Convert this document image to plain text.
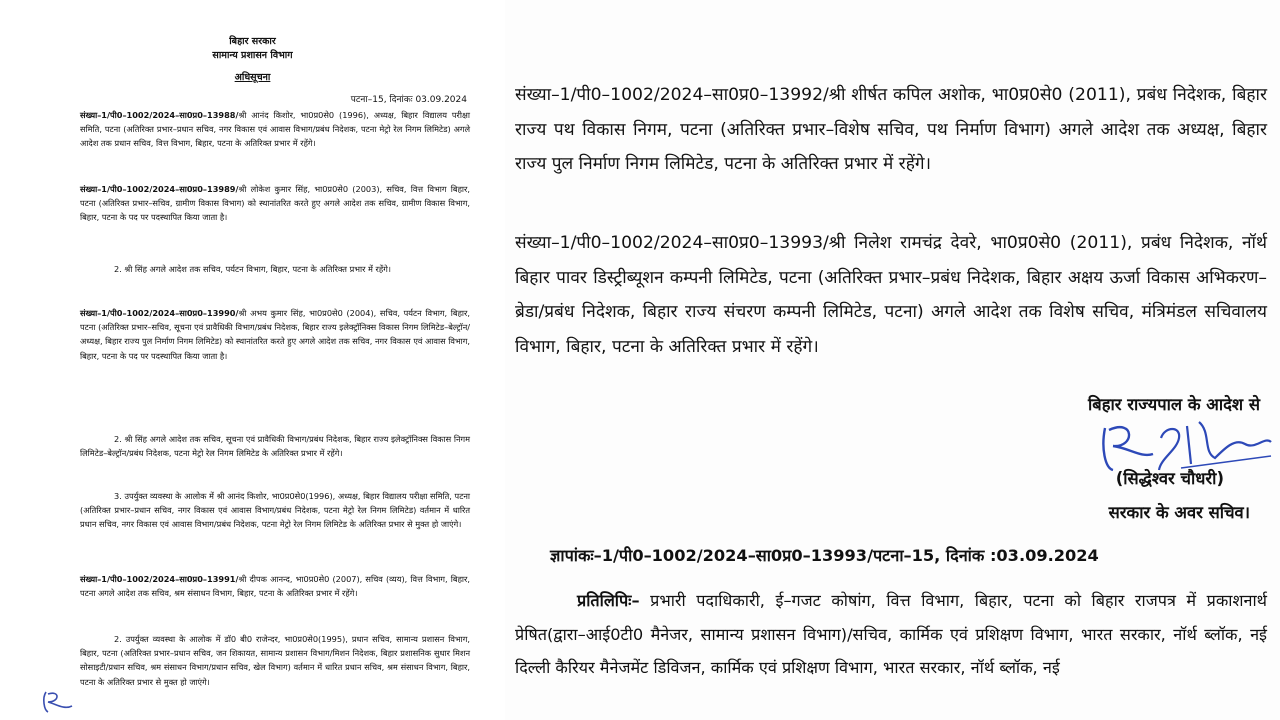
बिहार सरकार
सामान्य प्रशासन विभाग
अधिसूचना
पटना–15, दिनांकः 03.09.2024
संख्या–1/पी0–1002/2024–सा0प्र0–13988/श्री आनंद किशोर, भा0प्र0से0 (1996), अध्यक्ष, बिहार विद्यालय परीक्षा समिति, पटना (अतिरिक्त प्रभार–प्रधान सचिव, नगर विकास एवं आवास विभाग/प्रबंध निदेशक, पटना मेट्रो रेल निगम लिमिटेड) अगले आदेश तक प्रधान सचिव, वित्त विभाग, बिहार, पटना के अतिरिक्त प्रभार में रहेंगे।
संख्या–1/पी0–1002/2024–सा0प्र0–13989/श्री लोकेश कुमार सिंह, भा0प्र0से0 (2003), सचिव, वित्त विभाग बिहार, पटना (अतिरिक्त प्रभार–सचिव, ग्रामीण विकास विभाग) को स्थानांतरित करते हुए अगले आदेश तक सचिव, ग्रामीण विकास विभाग, बिहार, पटना के पद पर पदस्थापित किया जाता है।
2. श्री सिंह अगले आदेश तक सचिव, पर्यटन विभाग, बिहार, पटना के अतिरिक्त प्रभार में रहेंगे।
संख्या–1/पी0–1002/2024–सा0प्र0–13990/श्री अभय कुमार सिंह, भा0प्र0से0 (2004), सचिव, पर्यटन विभाग, बिहार, पटना (अतिरिक्त प्रभार–सचिव, सूचना एवं प्रावैधिकी विभाग/प्रबंध निदेशक, बिहार राज्य इलेक्ट्रॉनिक्स विकास निगम लिमिटेड–बेल्ट्रॉन/अध्यक्ष, बिहार राज्य पुल निर्माण निगम लिमिटेड) को स्थानांतरित करते हुए अगले आदेश तक सचिव, नगर विकास एवं आवास विभाग, बिहार, पटना के पद पर पदस्थापित किया जाता है।
2. श्री सिंह अगले आदेश तक सचिव, सूचना एवं प्रावैधिकी विभाग/प्रबंध निदेशक, बिहार राज्य इलेक्ट्रॉनिक्स विकास निगम लिमिटेड–बेल्ट्रॉन/प्रबंध निदेशक, पटना मेट्रो रेल निगम लिमिटेड के अतिरिक्त प्रभार में रहेंगे।
3. उपर्युक्त व्यवस्था के आलोक में श्री आनंद किशोर, भा0प्र0से0(1996), अध्यक्ष, बिहार विद्यालय परीक्षा समिति, पटना (अतिरिक्त प्रभार–प्रधान सचिव, नगर विकास एवं आवास विभाग/प्रबंध निदेशक, पटना मेट्रो रेल निगम लिमिटेड) वर्तमान में धारित प्रधान सचिव, नगर विकास एवं आवास विभाग/प्रबंध निदेशक, पटना मेट्रो रेल निगम लिमिटेड के अतिरिक्त प्रभार से मुक्त हो जाएंगे।
संख्या–1/पी0–1002/2024–सा0प्र0–13991/श्री दीपक आनन्द, भा0प्र0से0 (2007), सचिव (व्यय), वित्त विभाग, बिहार, पटना अगले आदेश तक सचिव, श्रम संसाधन विभाग, बिहार, पटना के अतिरिक्त प्रभार में रहेंगे।
2. उपर्युक्त व्यवस्था के आलोक में डॉ0 बी0 राजेन्दर, भा0प्र0से0(1995), प्रधान सचिव, सामान्य प्रशासन विभाग, बिहार, पटना (अतिरिक्त प्रभार–प्रधान सचिव, जन शिकायत, सामान्य प्रशासन विभाग/मिशन निदेशक, बिहार प्रशासनिक सुधार मिशन सोसाइटी/प्रधान सचिव, श्रम संसाधन विभाग/प्रधान सचिव, खेल विभाग) वर्तमान में धारित प्रधान सचिव, श्रम संसाधन विभाग, बिहार, पटना के अतिरिक्त प्रभार से मुक्त हो जाएंगे।
संख्या–1/पी0–1002/2024–सा0प्र0–13992/श्री शीर्षत कपिल अशोक, भा0प्र0से0 (2011), प्रबंध निदेशक, बिहार राज्य पथ विकास निगम, पटना (अतिरिक्त प्रभार–विशेष सचिव, पथ निर्माण विभाग) अगले आदेश तक अध्यक्ष, बिहार राज्य पुल निर्माण निगम लिमिटेड, पटना के अतिरिक्त प्रभार में रहेंगे।
संख्या–1/पी0–1002/2024–सा0प्र0–13993/श्री निलेश रामचंद्र देवरे, भा0प्र0से0 (2011), प्रबंध निदेशक, नॉर्थ बिहार पावर डिस्ट्रीब्यूशन कम्पनी लिमिटेड, पटना (अतिरिक्त प्रभार–प्रबंध निदेशक, बिहार अक्षय ऊर्जा विकास अभिकरण–ब्रेडा/प्रबंध निदेशक, बिहार राज्य संचरण कम्पनी लिमिटेड, पटना) अगले आदेश तक विशेष सचिव, मंत्रिमंडल सचिवालय विभाग, बिहार, पटना के अतिरिक्त प्रभार में रहेंगे।
बिहार राज्यपाल के आदेश से
(सिद्धेश्वर चौधरी)
सरकार के अवर सचिव।
ज्ञापांकः–1/पी0–1002/2024–सा0प्र0–13993/पटना–15, दिनांक :03.09.2024
प्रतिलिपिः– प्रभारी पदाधिकारी, ई–गजट कोषांग, वित्त विभाग, बिहार, पटना को बिहार राजपत्र में प्रकाशनार्थ प्रेषित(द्वारा–आई0टी0 मैनेजर, सामान्य प्रशासन विभाग)/सचिव, कार्मिक एवं प्रशिक्षण विभाग, भारत सरकार, नॉर्थ ब्लॉक, नई दिल्ली कैरियर मैनेजमेंट डिविजन, कार्मिक एवं प्रशिक्षण विभाग, भारत सरकार, नॉर्थ ब्लॉक, नई
